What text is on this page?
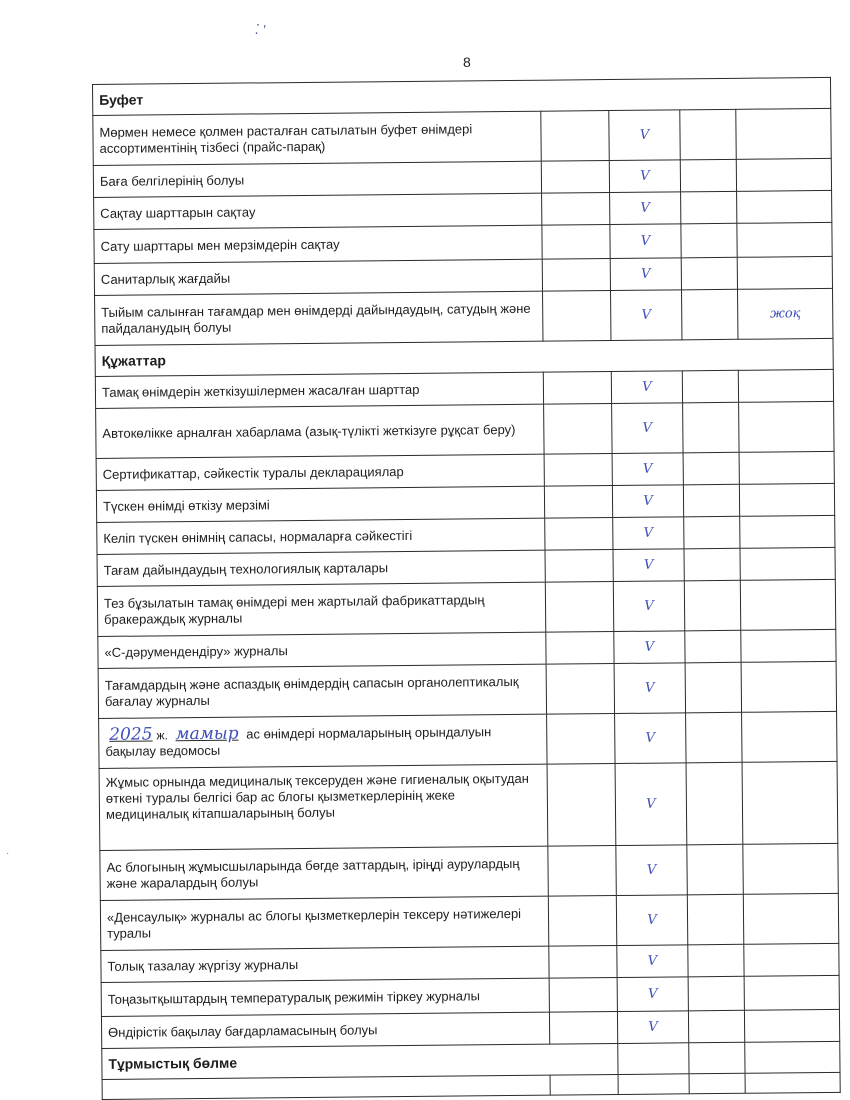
⁚ ′
8
·
Буфет				
Мөрмен немесе қолмен расталған сатылатын буфет өнімдері ассортиментінің тізбесі (прайс-парақ)		V		
Баға белгілерінің болуы		V		
Сақтау шарттарын сақтау		V		
Сату шарттары мен мерзімдерін сақтау		V		
Санитарлық жағдайы		V		
Тыйым салынған тағамдар мен өнімдерді дайындаудың, сатудың және пайдаланудың болуы		V		жоқ
Құжаттар				
Тамақ өнімдерін жеткізушілермен жасалған шарттар		V		
Автокөлікке арналған хабарлама (азық-түлікті жеткізуге рұқсат беру)		V		
Сертификаттар, сәйкестік туралы декларациялар		V		
Түскен өнімді өткізу мерзімі		V		
Келіп түскен өнімнің сапасы, нормаларға сәйкестігі		V		
Тағам дайындаудың технологиялық карталары		V		
Тез бұзылатын тамақ өнімдері мен жартылай фабрикаттардың бракераждық журналы		V		
«С-дәрумендендіру» журналы		V		
Тағамдардың және аспаздық өнімдердің сапасын органолептикалық бағалау журналы		V		
2025 ж. мамыр ас өнімдері нормаларының орындалуын бақылау ведомосы		V		
Жұмыс орнында медициналық тексеруден және гигиеналық оқытудан өткені туралы белгісі бар ас блогы қызметкерлерінің жеке медициналық кітапшаларының болуы		V		
Ас блогының жұмысшыларында бөгде заттардың, іріңді аурулардың және жаралардың болуы		V		
«Денсаулық» журналы ас блогы қызметкерлерін тексеру нәтижелері туралы		V		
Толық тазалау жүргізу журналы		V		
Тоңазытқыштардың температуралық режимін тіркеу журналы		V		
Өндірістік бақылау бағдарламасының болуы		V		
Тұрмыстық бөлме				
